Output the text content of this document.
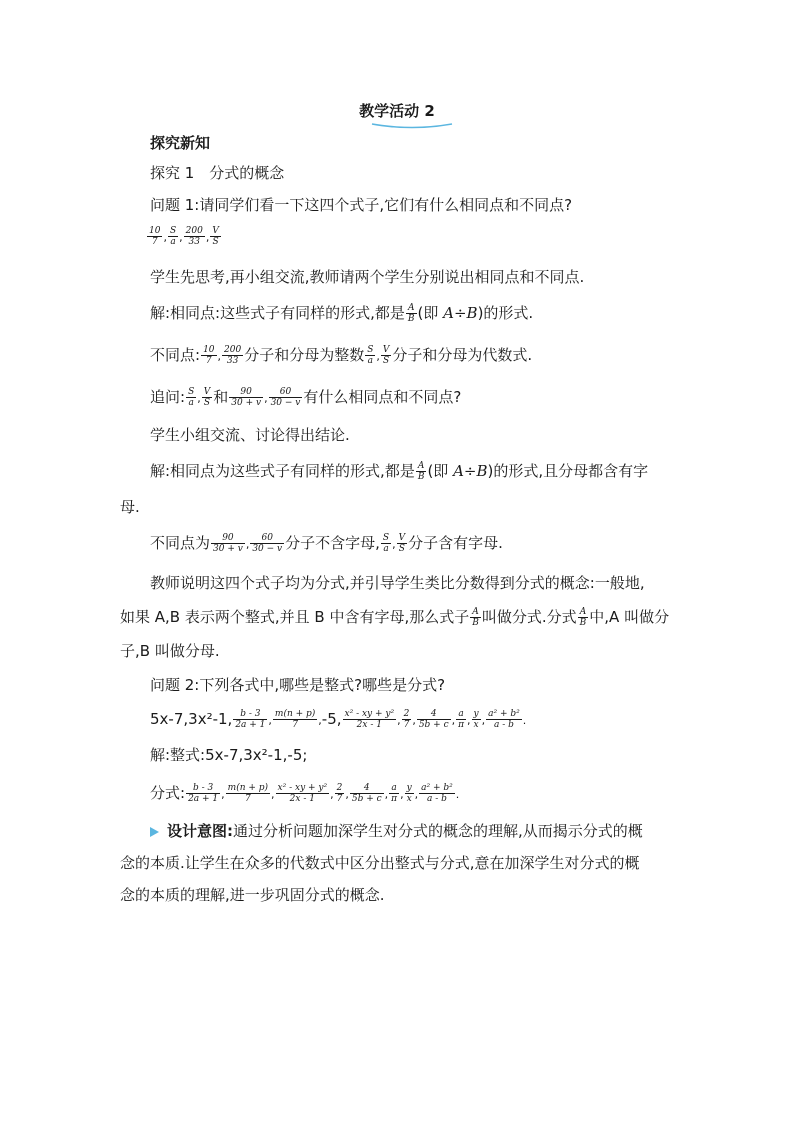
教学活动 2
探究新知
探究 1　分式的概念
问题 1:请同学们看一下这四个式子,它们有什么相同点和不同点?
$\frac{10}{7}$ , $\frac{S}{a}$ , $\frac{200}{33}$ , $\frac{V}{S}$
学生先思考,再小组交流,教师请两个学生分别说出相同点和不同点.
解:相同点:这些式子有同样的形式,都是 $\frac{A}{B}$ (即 A÷B)的形式.
不同点: $\frac{10}{7}$ , $\frac{200}{33}$ 分子和分母为整数 $\frac{S}{a}$ , $\frac{V}{S}$ 分子和分母为代数式.
追问: $\frac{S}{a}$ , $\frac{V}{S}$ 和 $\frac{90}{30 + v}$ , $\frac{60}{30 - v}$ 有什么相同点和不同点?
学生小组交流、讨论得出结论.
解:相同点为这些式子有同样的形式,都是 $\frac{A}{B}$ (即 A÷B)的形式,且分母都含有字
母.
不同点为 $\frac{90}{30 + v}$ , $\frac{60}{30 - v}$ 分子不含字母, $\frac{S}{a}$ , $\frac{V}{S}$ 分子含有字母.
教师说明这四个式子均为分式,并引导学生类比分数得到分式的概念:一般地,
如果 A,B 表示两个整式,并且 B 中含有字母,那么式子 $\frac{A}{B}$ 叫做分式.分式 $\frac{A}{B}$ 中,A 叫做分
子,B 叫做分母.
问题 2:下列各式中,哪些是整式?哪些是分式?
5x-7,3x²-1, $\frac{b - 3}{2a + 1}$ , $\frac{m(n + p)}{7} ,-5$, $\frac{\text{x² - xy + y²}}{2x - 1}$ , $\frac{2}{7}$ , $\frac{4}{5b + c}$ , $\frac{a}{\pi}$ , $\frac{y}{x}$ , $\frac{\text{a² + b²}}{a - b}$ .
解:整式:5x-7,3x²-1,-5;
分式: $\frac{b - 3}{2a + 1}$ , $\frac{m(n + p)}{7}$ , $\frac{\text{x² - xy + y²}}{2x - 1}$ , $\frac{2}{7}$ , $\frac{4}{5b + c}$ , $\frac{a}{\pi}$ , $\frac{y}{x}$ , $\frac{\text{a² + b²}}{a - b}$ .
设计意图:通过分析问题加深学生对分式的概念的理解,从而揭示分式的概
念的本质.让学生在众多的代数式中区分出整式与分式,意在加深学生对分式的概
念的本质的理解,进一步巩固分式的概念.
